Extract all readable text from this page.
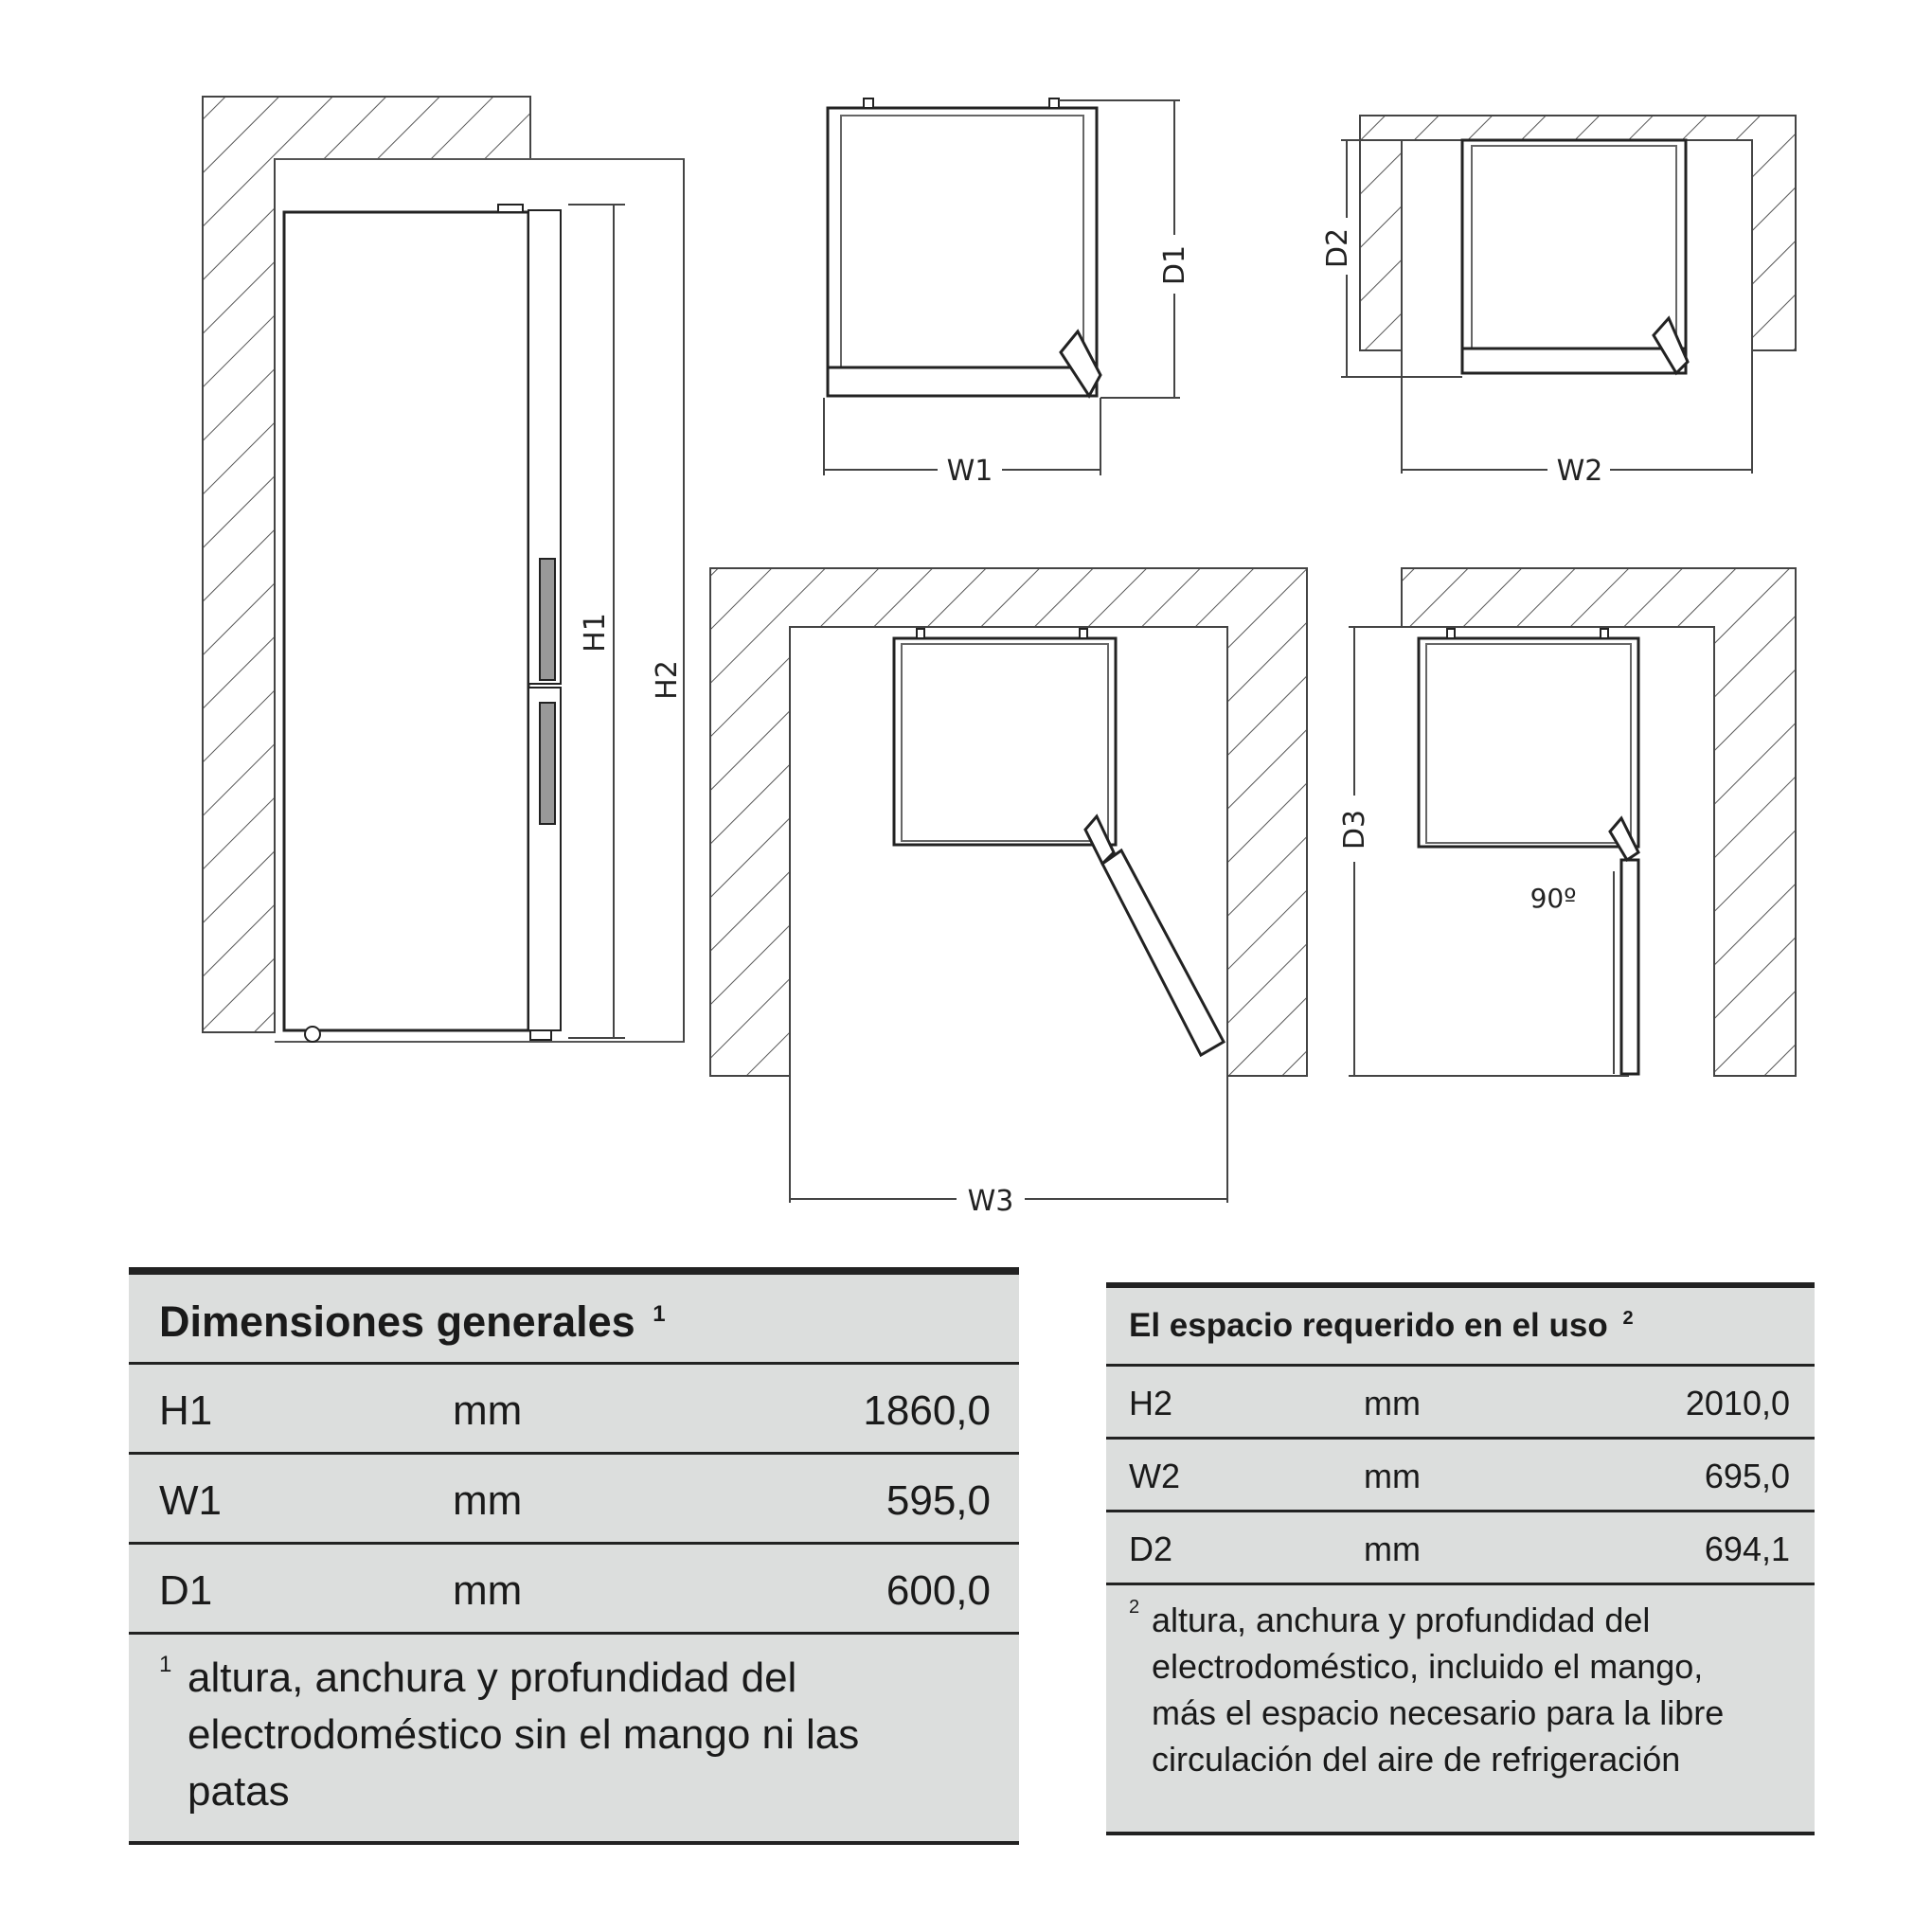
H1
H2
W1
D1	D2
W2
W3
90º
D3
Dimensiones generales $^1$
H1	mm	1860,0
W1	mm	595,0
D1	mm	600,0
1 altura, anchura y profundidad del electrodoméstico sin el mango ni las patas
El espacio requerido en el uso $^2$
H2	mm	2010,0
W2	mm	695,0
D2	mm	694,1
2 altura, anchura y profundidad del electrodoméstico, incluido el mango, más el espacio necesario para la libre circulación del aire de refrigeración
